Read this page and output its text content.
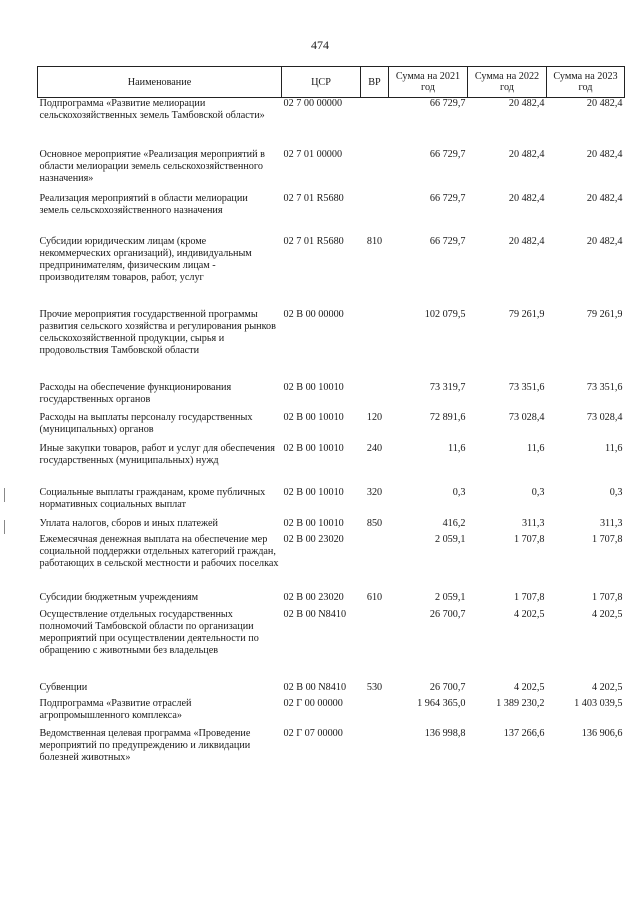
474
Наименование	ЦСР	ВР	Сумма на 2021 год	Сумма на 2022 год	Сумма на 2023 год
Подпрограмма «Развитие мелиорации сельскохозяйственных земель Тамбовской области»	02 7 00 00000		66 729,7	20 482,4	20 482,4
Основное мероприятие «Реализация мероприятий в области мелиорации земель сельскохозяйственного назначения»	02 7 01 00000		66 729,7	20 482,4	20 482,4
Реализация мероприятий в области мелиорации земель сельскохозяйственного назначения	02 7 01 R5680		66 729,7	20 482,4	20 482,4
Субсидии юридическим лицам (кроме некоммерческих организаций), индивидуальным предпринимателям, физическим лицам - производителям товаров, работ, услуг	02 7 01 R5680	810	66 729,7	20 482,4	20 482,4
Прочие мероприятия государственной программы развития сельского хозяйства и регулирования рынков сельскохозяйственной продукции, сырья и продовольствия Тамбовской области	02 В 00 00000		102 079,5	79 261,9	79 261,9
Расходы на обеспечение функционирования государственных органов	02 В 00 10010		73 319,7	73 351,6	73 351,6
Расходы на выплаты персоналу государственных (муниципальных) органов	02 В 00 10010	120	72 891,6	73 028,4	73 028,4
Иные закупки товаров, работ и услуг для обеспечения государственных (муниципальных) нужд	02 В 00 10010	240	11,6	11,6	11,6
Социальные выплаты гражданам, кроме публичных нормативных социальных выплат	02 В 00 10010	320	0,3	0,3	0,3
Уплата налогов, сборов и иных платежей	02 В 00 10010	850	416,2	311,3	311,3
Ежемесячная денежная выплата на обеспечение мер социальной поддержки отдельных категорий граждан, работающих в сельской местности и рабочих поселках	02 В 00 23020		2 059,1	1 707,8	1 707,8
Субсидии бюджетным учреждениям	02 В 00 23020	610	2 059,1	1 707,8	1 707,8
Осуществление отдельных государственных полномочий Тамбовской области по организации мероприятий при осуществлении деятельности по обращению с животными без владельцев	02 В 00 N8410		26 700,7	4 202,5	4 202,5
Субвенции	02 В 00 N8410	530	26 700,7	4 202,5	4 202,5
Подпрограмма «Развитие отраслей агропромышленного комплекса»	02 Г 00 00000		1 964 365,0	1 389 230,2	1 403 039,5
Ведомственная целевая программа «Проведение мероприятий по предупреждению и ликвидации болезней животных»	02 Г 07 00000		136 998,8	137 266,6	136 906,6
